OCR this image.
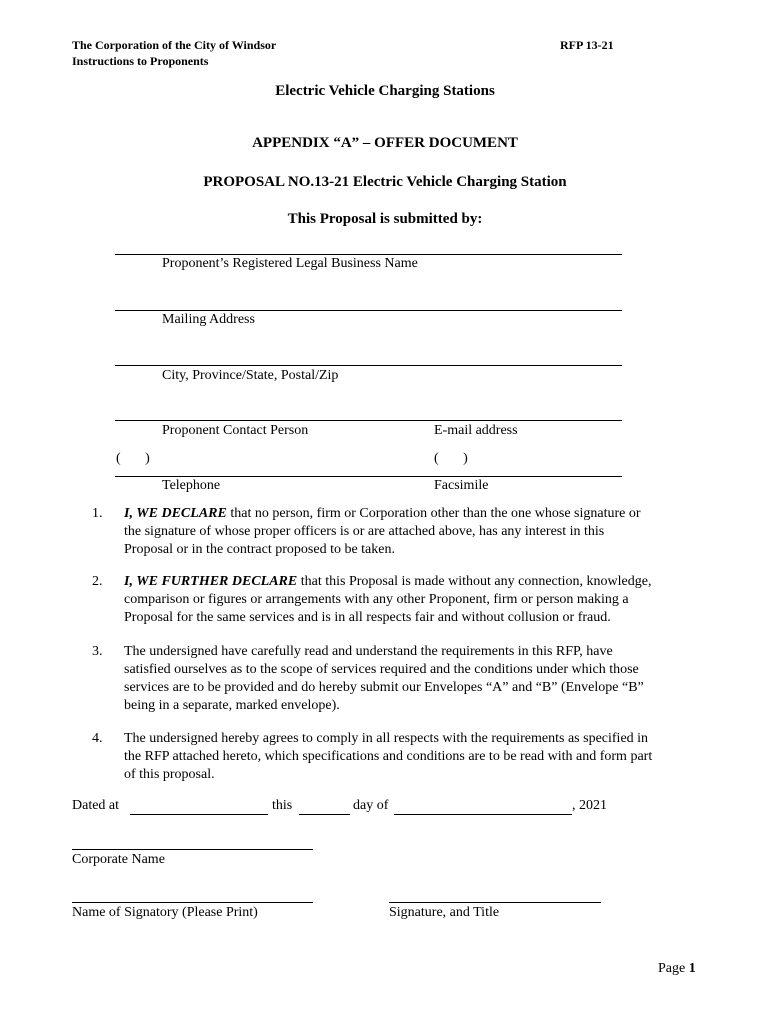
The Corporation of the City of Windsor
Instructions to Proponents
RFP 13-21
Electric Vehicle Charging Stations
APPENDIX “A” – OFFER DOCUMENT
PROPOSAL NO.13-21 Electric Vehicle Charging Station
This Proposal is submitted by:
Proponent’s Registered Legal Business Name
Mailing Address
City, Province/State, Postal/Zip
Proponent Contact Person	E-mail address
(       )	(       )
Telephone	Facsimile
1. I, WE DECLARE that no person, firm or Corporation other than the one whose signature or
the signature of whose proper officers is or are attached above, has any interest in this
Proposal or in the contract proposed to be taken.
2. I, WE FURTHER DECLARE that this Proposal is made without any connection, knowledge,
comparison or figures or arrangements with any other Proponent, firm or person making a
Proposal for the same services and is in all respects fair and without collusion or fraud.
3. The undersigned have carefully read and understand the requirements in this RFP, have
satisfied ourselves as to the scope of services required and the conditions under which those
services are to be provided and do hereby submit our Envelopes “A” and “B” (Envelope “B”
being in a separate, marked envelope).
4. The undersigned hereby agrees to comply in all respects with the requirements as specified in
the RFP attached hereto, which specifications and conditions are to be read with and form part
of this proposal.
Dated at	this	day of	, 2021
Corporate Name
Name of Signatory (Please Print)	Signature, and Title
Page 1
